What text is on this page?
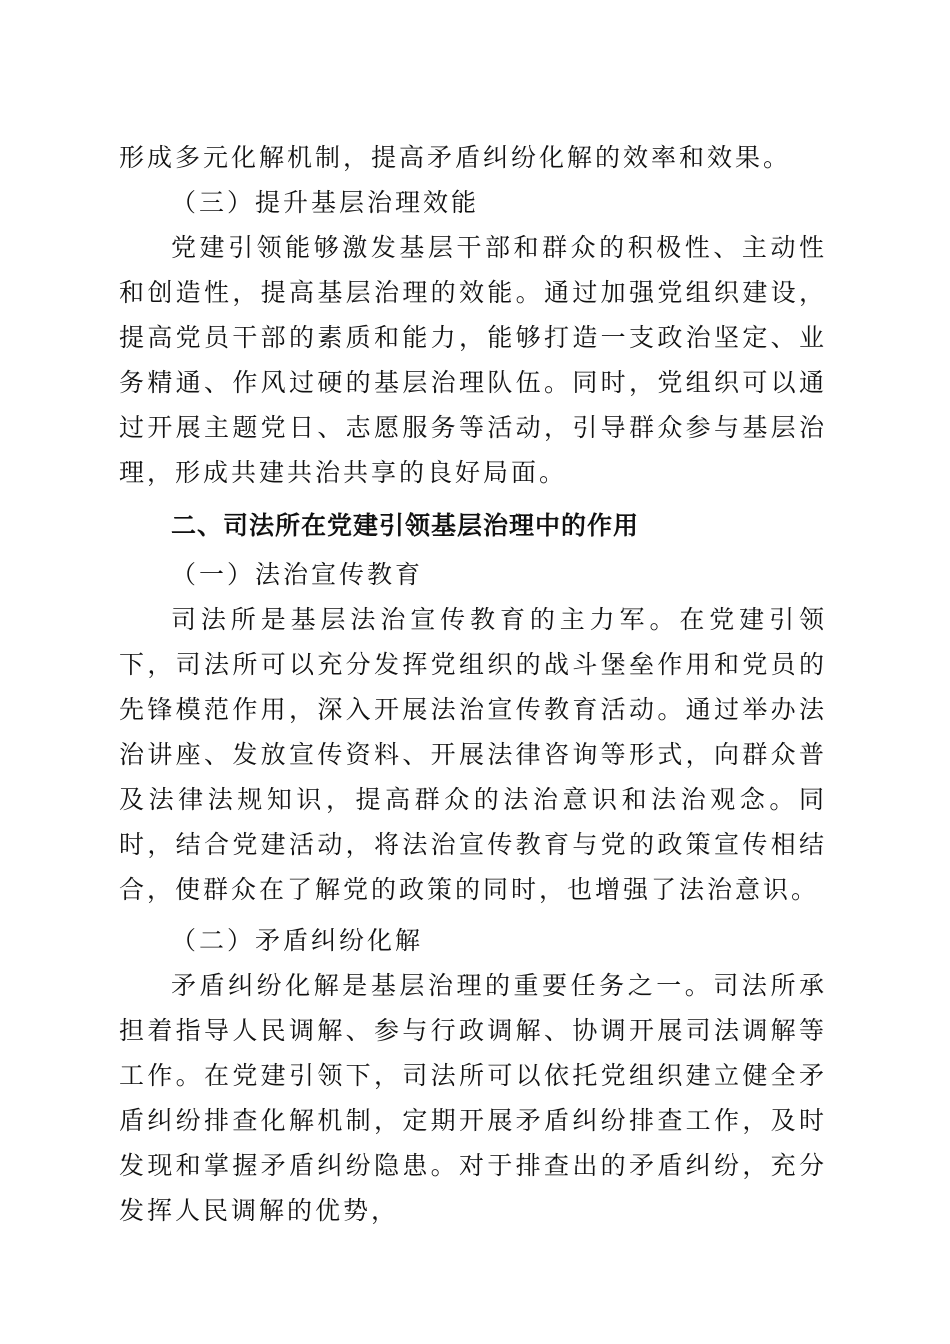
形成多元化解机制，提高矛盾纠纷化解的效率和效果。

（三）提升基层治理效能

党建引领能够激发基层干部和群众的积极性、主动性和创造性，提高基层治理的效能。通过加强党组织建设，提高党员干部的素质和能力，能够打造一支政治坚定、业务精通、作风过硬的基层治理队伍。同时，党组织可以通过开展主题党日、志愿服务等活动，引导群众参与基层治理，形成共建共治共享的良好局面。

二、司法所在党建引领基层治理中的作用

（一）法治宣传教育

司法所是基层法治宣传教育的主力军。在党建引领下，司法所可以充分发挥党组织的战斗堡垒作用和党员的先锋模范作用，深入开展法治宣传教育活动。通过举办法治讲座、发放宣传资料、开展法律咨询等形式，向群众普及法律法规知识，提高群众的法治意识和法治观念。同时，结合党建活动，将法治宣传教育与党的政策宣传相结合，使群众在了解党的政策的同时，也增强了法治意识。

（二）矛盾纠纷化解

矛盾纠纷化解是基层治理的重要任务之一。司法所承担着指导人民调解、参与行政调解、协调开展司法调解等工作。在党建引领下，司法所可以依托党组织建立健全矛盾纠纷排查化解机制，定期开展矛盾纠纷排查工作，及时发现和掌握矛盾纠纷隐患。对于排查出的矛盾纠纷，充分发挥人民调解的优势，
